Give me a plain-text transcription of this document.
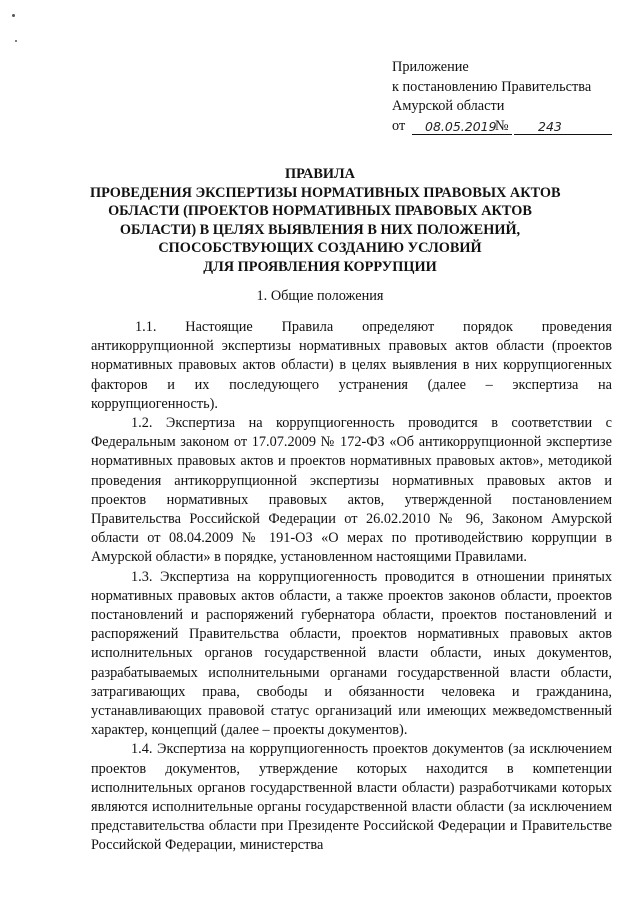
Приложение
к постановлению Правительства
Амурской области
от 08.05.2019
№ 243
ПРАВИЛА
ПРОВЕДЕНИЯ ЭКСПЕРТИЗЫ НОРМАТИВНЫХ ПРАВОВЫХ АКТОВ
ОБЛАСТИ (ПРОЕКТОВ НОРМАТИВНЫХ ПРАВОВЫХ АКТОВ
ОБЛАСТИ) В ЦЕЛЯХ ВЫЯВЛЕНИЯ В НИХ ПОЛОЖЕНИЙ,
СПОСОБСТВУЮЩИХ СОЗДАНИЮ УСЛОВИЙ
ДЛЯ ПРОЯВЛЕНИЯ КОРРУПЦИИ
1. Общие положения

1.1. Настоящие Правила определяют порядок проведения антикоррупционной экспертизы нормативных правовых актов области (проектов нормативных правовых актов области) в целях выявления в них коррупциогенных факторов и их последующего устранения (далее – экспертиза на коррупциогенность).

1.2. Экспертиза на коррупциогенность проводится в соответствии с Федеральным законом от 17.07.2009 № 172-ФЗ «Об антикоррупционной экспертизе нормативных правовых актов и проектов нормативных правовых актов», методикой проведения антикоррупционной экспертизы нормативных правовых актов и проектов нормативных правовых актов, утвержденной постановлением Правительства Российской Федерации от 26.02.2010 № 96, Законом Амурской области от 08.04.2009 № 191-ОЗ «О мерах по противодействию коррупции в Амурской области» в порядке, установленном настоящими Правилами.

1.3. Экспертиза на коррупциогенность проводится в отношении принятых нормативных правовых актов области, а также проектов законов области, проектов постановлений и распоряжений губернатора области, проектов постановлений и распоряжений Правительства области, проектов нормативных правовых актов исполнительных органов государственной власти области, иных документов, разрабатываемых исполнительными органами государственной власти области, затрагивающих права, свободы и обязанности человека и гражданина, устанавливающих правовой статус организаций или имеющих межведомственный характер, концепций (далее – проекты документов).

1.4. Экспертиза на коррупциогенность проектов документов (за исключением проектов документов, утверждение которых находится в компетенции исполнительных органов государственной власти области) разработчиками которых являются исполнительные органы государственной власти области (за исключением представительства области при Президенте Российской Федерации и Правительстве Российской Федерации, министерства
